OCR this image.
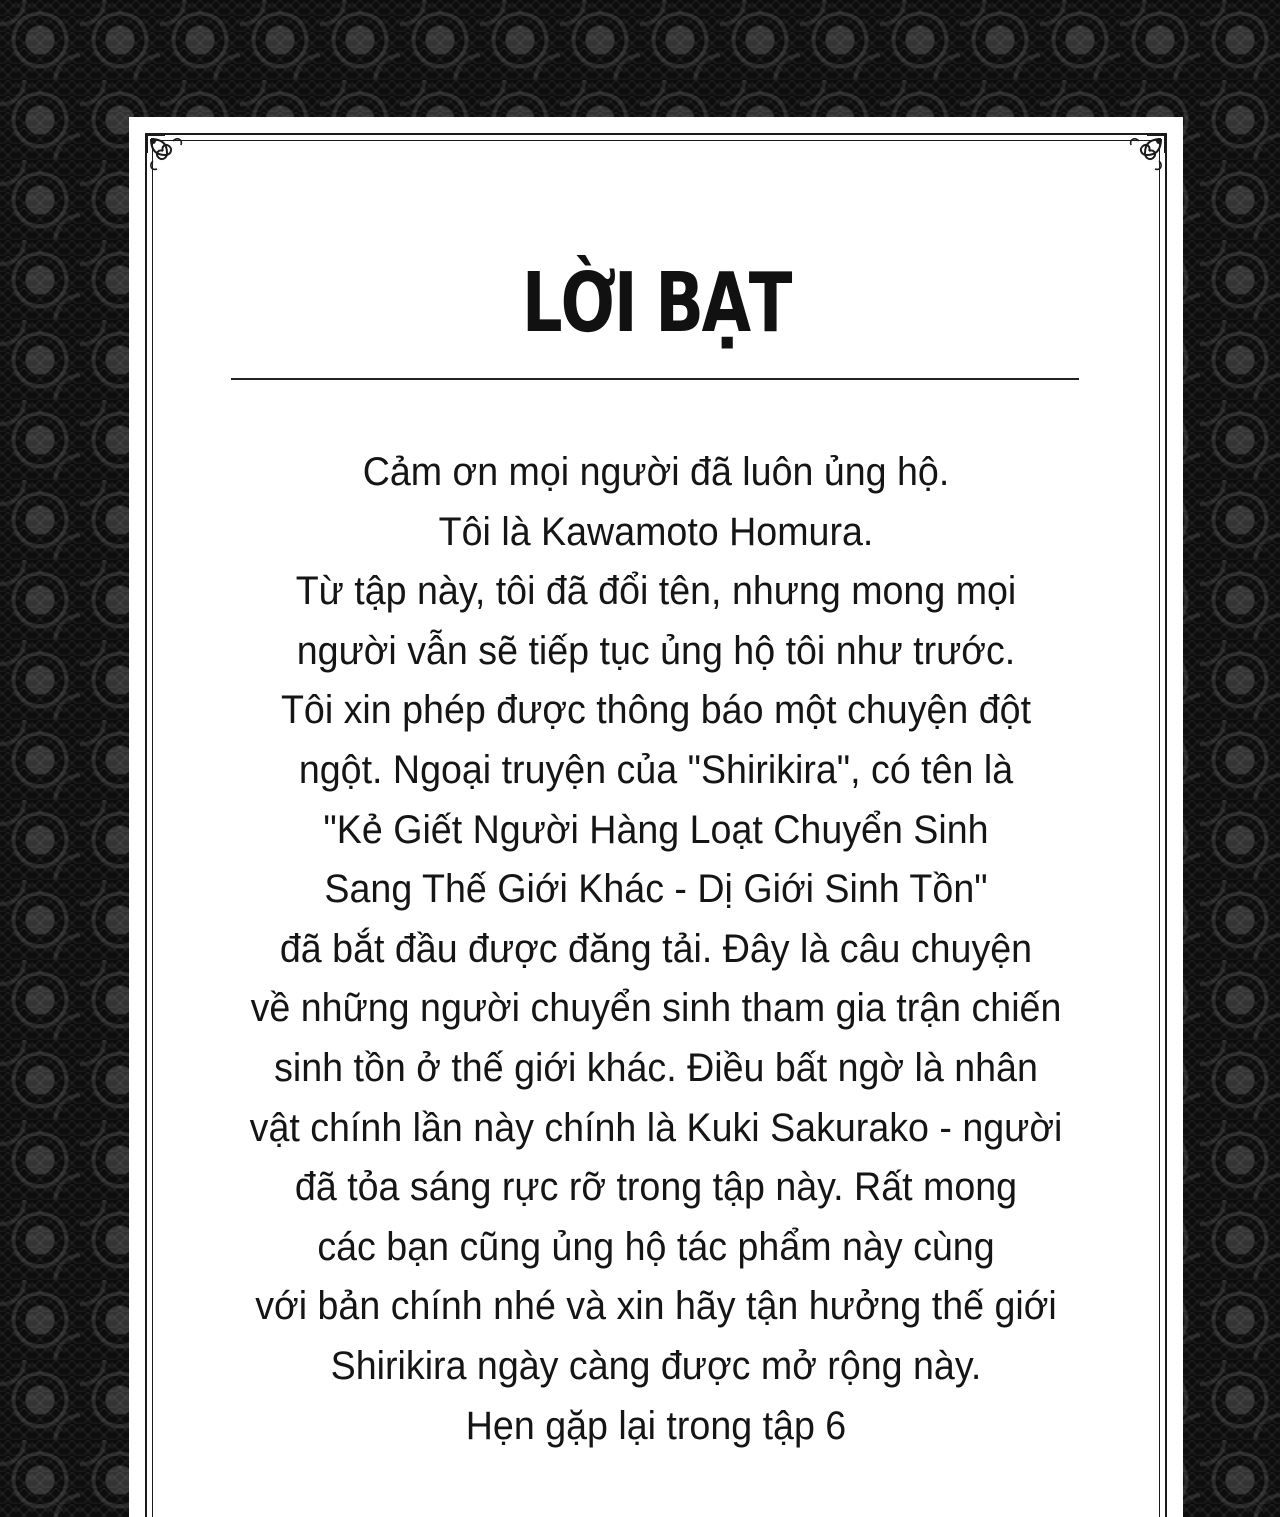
LỜI BẠT
Cảm ơn mọi người đã luôn ủng hộ.
Tôi là Kawamoto Homura.
Từ tập này, tôi đã đổi tên, nhưng mong mọi
người vẫn sẽ tiếp tục ủng hộ tôi như trước.
Tôi xin phép được thông báo một chuyện đột
ngột. Ngoại truyện của "Shirikira", có tên là
"Kẻ Giết Người Hàng Loạt Chuyển Sinh
Sang Thế Giới Khác - Dị Giới Sinh Tồn"
đã bắt đầu được đăng tải. Đây là câu chuyện
về những người chuyển sinh tham gia trận chiến
sinh tồn ở thế giới khác. Điều bất ngờ là nhân
vật chính lần này chính là Kuki Sakurako - người
đã tỏa sáng rực rỡ trong tập này. Rất mong
các bạn cũng ủng hộ tác phẩm này cùng
với bản chính nhé và xin hãy tận hưởng thế giới
Shirikira ngày càng được mở rộng này.
Hẹn gặp lại trong tập 6
